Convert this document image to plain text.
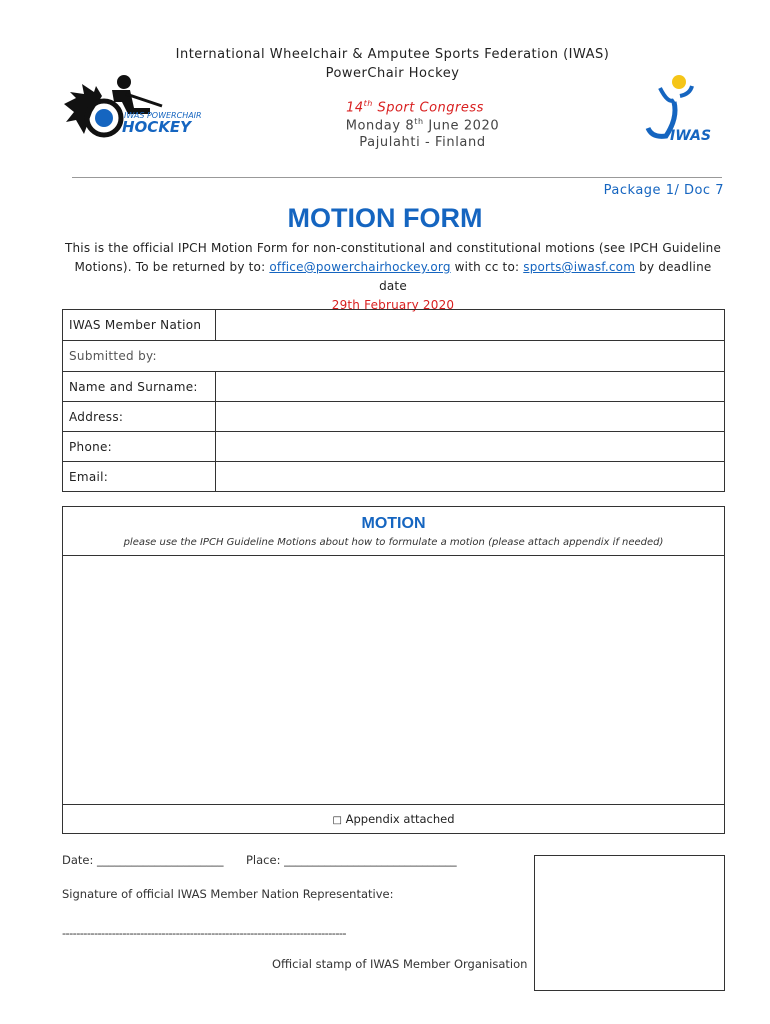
International Wheelchair & Amputee Sports Federation (IWAS)
PowerChair Hockey
14th Sport Congress
Monday 8th June 2020
Pajulahti - Finland
IWAS POWERCHAIR
HOCKEY	IWAS
Package 1/ Doc 7
MOTION FORM
This is the official IPCH Motion Form for non-constitutional and constitutional motions (see IPCH Guideline Motions). To be returned by to: office@powerchairhockey.org with cc to: sports@iwasf.com by deadline date
29th February 2020
IWAS Member Nation	
Submitted by:	
Name and Surname:	
Address:	
Phone:	
Email:	
MOTION
please use the IPCH Guideline Motions about how to formulate a motion (please attach appendix if needed)
□ Appendix attached
Date: ______________________ Place: ______________________________
Signature of official IWAS Member Nation Representative:
--------------------------------------------------------------------------------
Official stamp of IWAS Member Organisation
